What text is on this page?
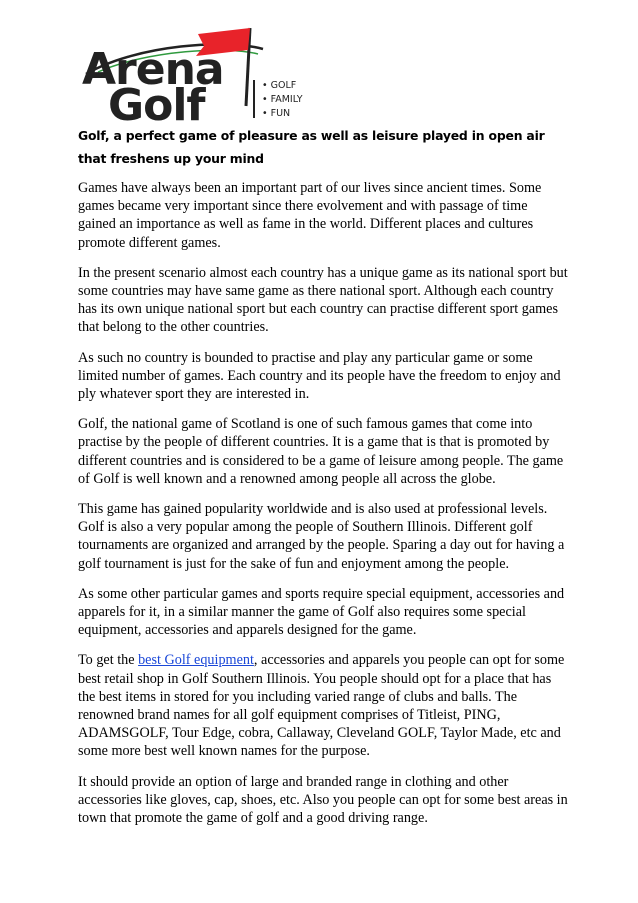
Arena
Golf	• GOLF
• FAMILY
• FUN
Golf, a perfect game of pleasure as well as leisure played in open air that freshens up your mind

Games have always been an important part of our lives since ancient times. Some games became very important since there evolvement and with passage of time gained an importance as well as fame in the world. Different places and cultures promote different games.

In the present scenario almost each country has a unique game as its national sport but some countries may have same game as there national sport. Although each country has its own unique national sport but each country can practise different sport games that belong to the other countries.

As such no country is bounded to practise and play any particular game or some limited number of games. Each country and its people have the freedom to enjoy and ply whatever sport they are interested in.

Golf, the national game of Scotland is one of such famous games that come into practise by the people of different countries. It is a game that is that is promoted by different countries and is considered to be a game of leisure among people. The game of Golf is well known and a renowned among people all across the globe.

This game has gained popularity worldwide and is also used at professional levels. Golf is also a very popular among the people of Southern Illinois. Different golf tournaments are organized and arranged by the people. Sparing a day out for having a golf tournament is just for the sake of fun and enjoyment among the people.

As some other particular games and sports require special equipment, accessories and apparels for it, in a similar manner the game of Golf also requires some special equipment, accessories and apparels designed for the game.

To get the best Golf equipment, accessories and apparels you people can opt for some best retail shop in Golf Southern Illinois. You people should opt for a place that has the best items in stored for you including varied range of clubs and balls. The renowned brand names for all golf equipment comprises of Titleist, PING, ADAMSGOLF, Tour Edge, cobra, Callaway, Cleveland GOLF, Taylor Made, etc and some more best well known names for the purpose.

It should provide an option of large and branded range in clothing and other accessories like gloves, cap, shoes, etc. Also you people can opt for some best areas in town that promote the game of golf and a good driving range.
